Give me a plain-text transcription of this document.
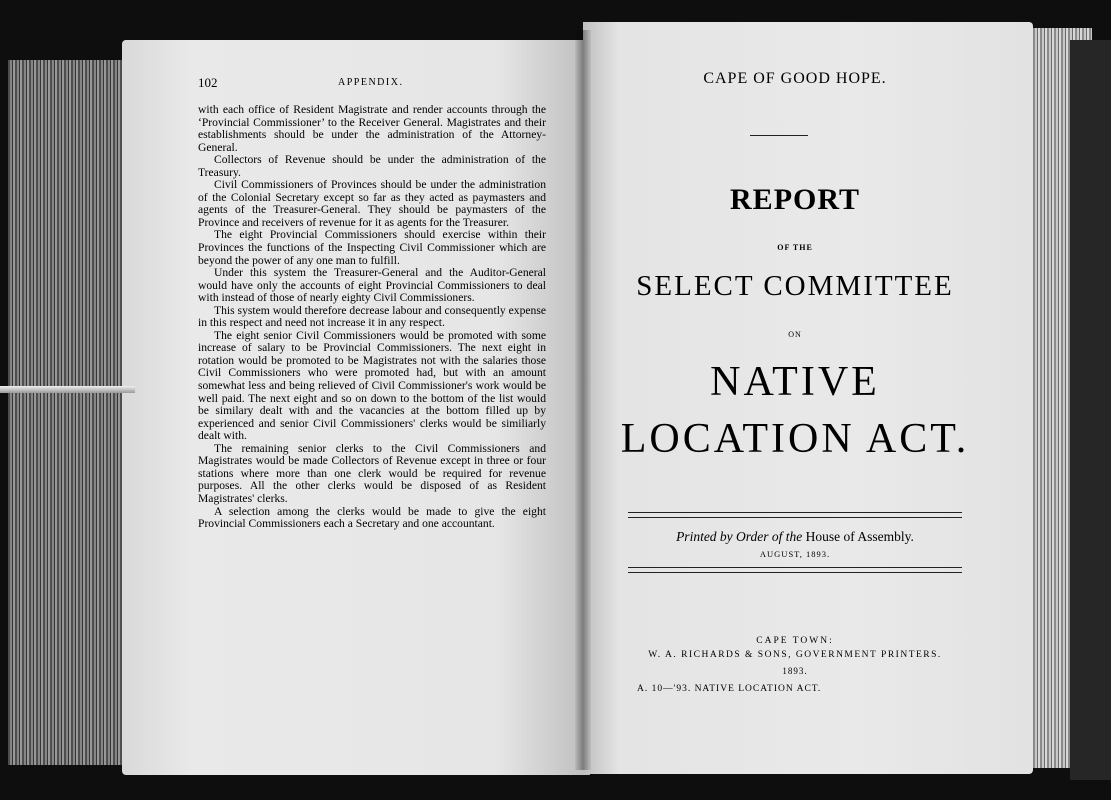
102	APPENDIX.

with each office of Resident Magistrate and render accounts through the ‘Provincial Commissioner’ to the Receiver General. Magistrates and their establishments should be under the administration of the Attorney-General.

Collectors of Revenue should be under the administration of the Treasury.

Civil Commissioners of Provinces should be under the administration of the Colonial Secretary except so far as they acted as paymasters and agents of the Treasurer-General. They should be paymasters of the Province and receivers of revenue for it as agents for the Treasurer.

The eight Provincial Commissioners should exercise within their Provinces the functions of the Inspecting Civil Commissioner which are beyond the power of any one man to fulfill.

Under this system the Treasurer-General and the Auditor-General would have only the accounts of eight Provincial Commissioners to deal with instead of those of nearly eighty Civil Commissioners.

This system would therefore decrease labour and consequently expense in this respect and need not increase it in any respect.

The eight senior Civil Commissioners would be promoted with some increase of salary to be Provincial Commissioners. The next eight in rotation would be promoted to be Magistrates not with the salaries those Civil Commissioners who were promoted had, but with an amount somewhat less and being relieved of Civil Commissioner's work would be well paid. The next eight and so on down to the bottom of the list would be similary dealt with and the vacancies at the bottom filled up by experienced and senior Civil Commissioners' clerks would be similiarly dealt with.

The remaining senior clerks to the Civil Commissioners and Magistrates would be made Collectors of Revenue except in three or four stations where more than one clerk would be required for revenue purposes. All the other clerks would be disposed of as Resident Magistrates' clerks.

A selection among the clerks would be made to give the eight Provincial Commissioners each a Secretary and one accountant.

CAPE OF GOOD HOPE.
REPORT
OF THE
SELECT COMMITTEE
ON
NATIVE
LOCATION ACT.
Printed by Order of the House of Assembly.
AUGUST, 1893.
CAPE TOWN:
W. A. RICHARDS & SONS, GOVERNMENT PRINTERS.
1893.
A. 10—'93. NATIVE LOCATION ACT.
